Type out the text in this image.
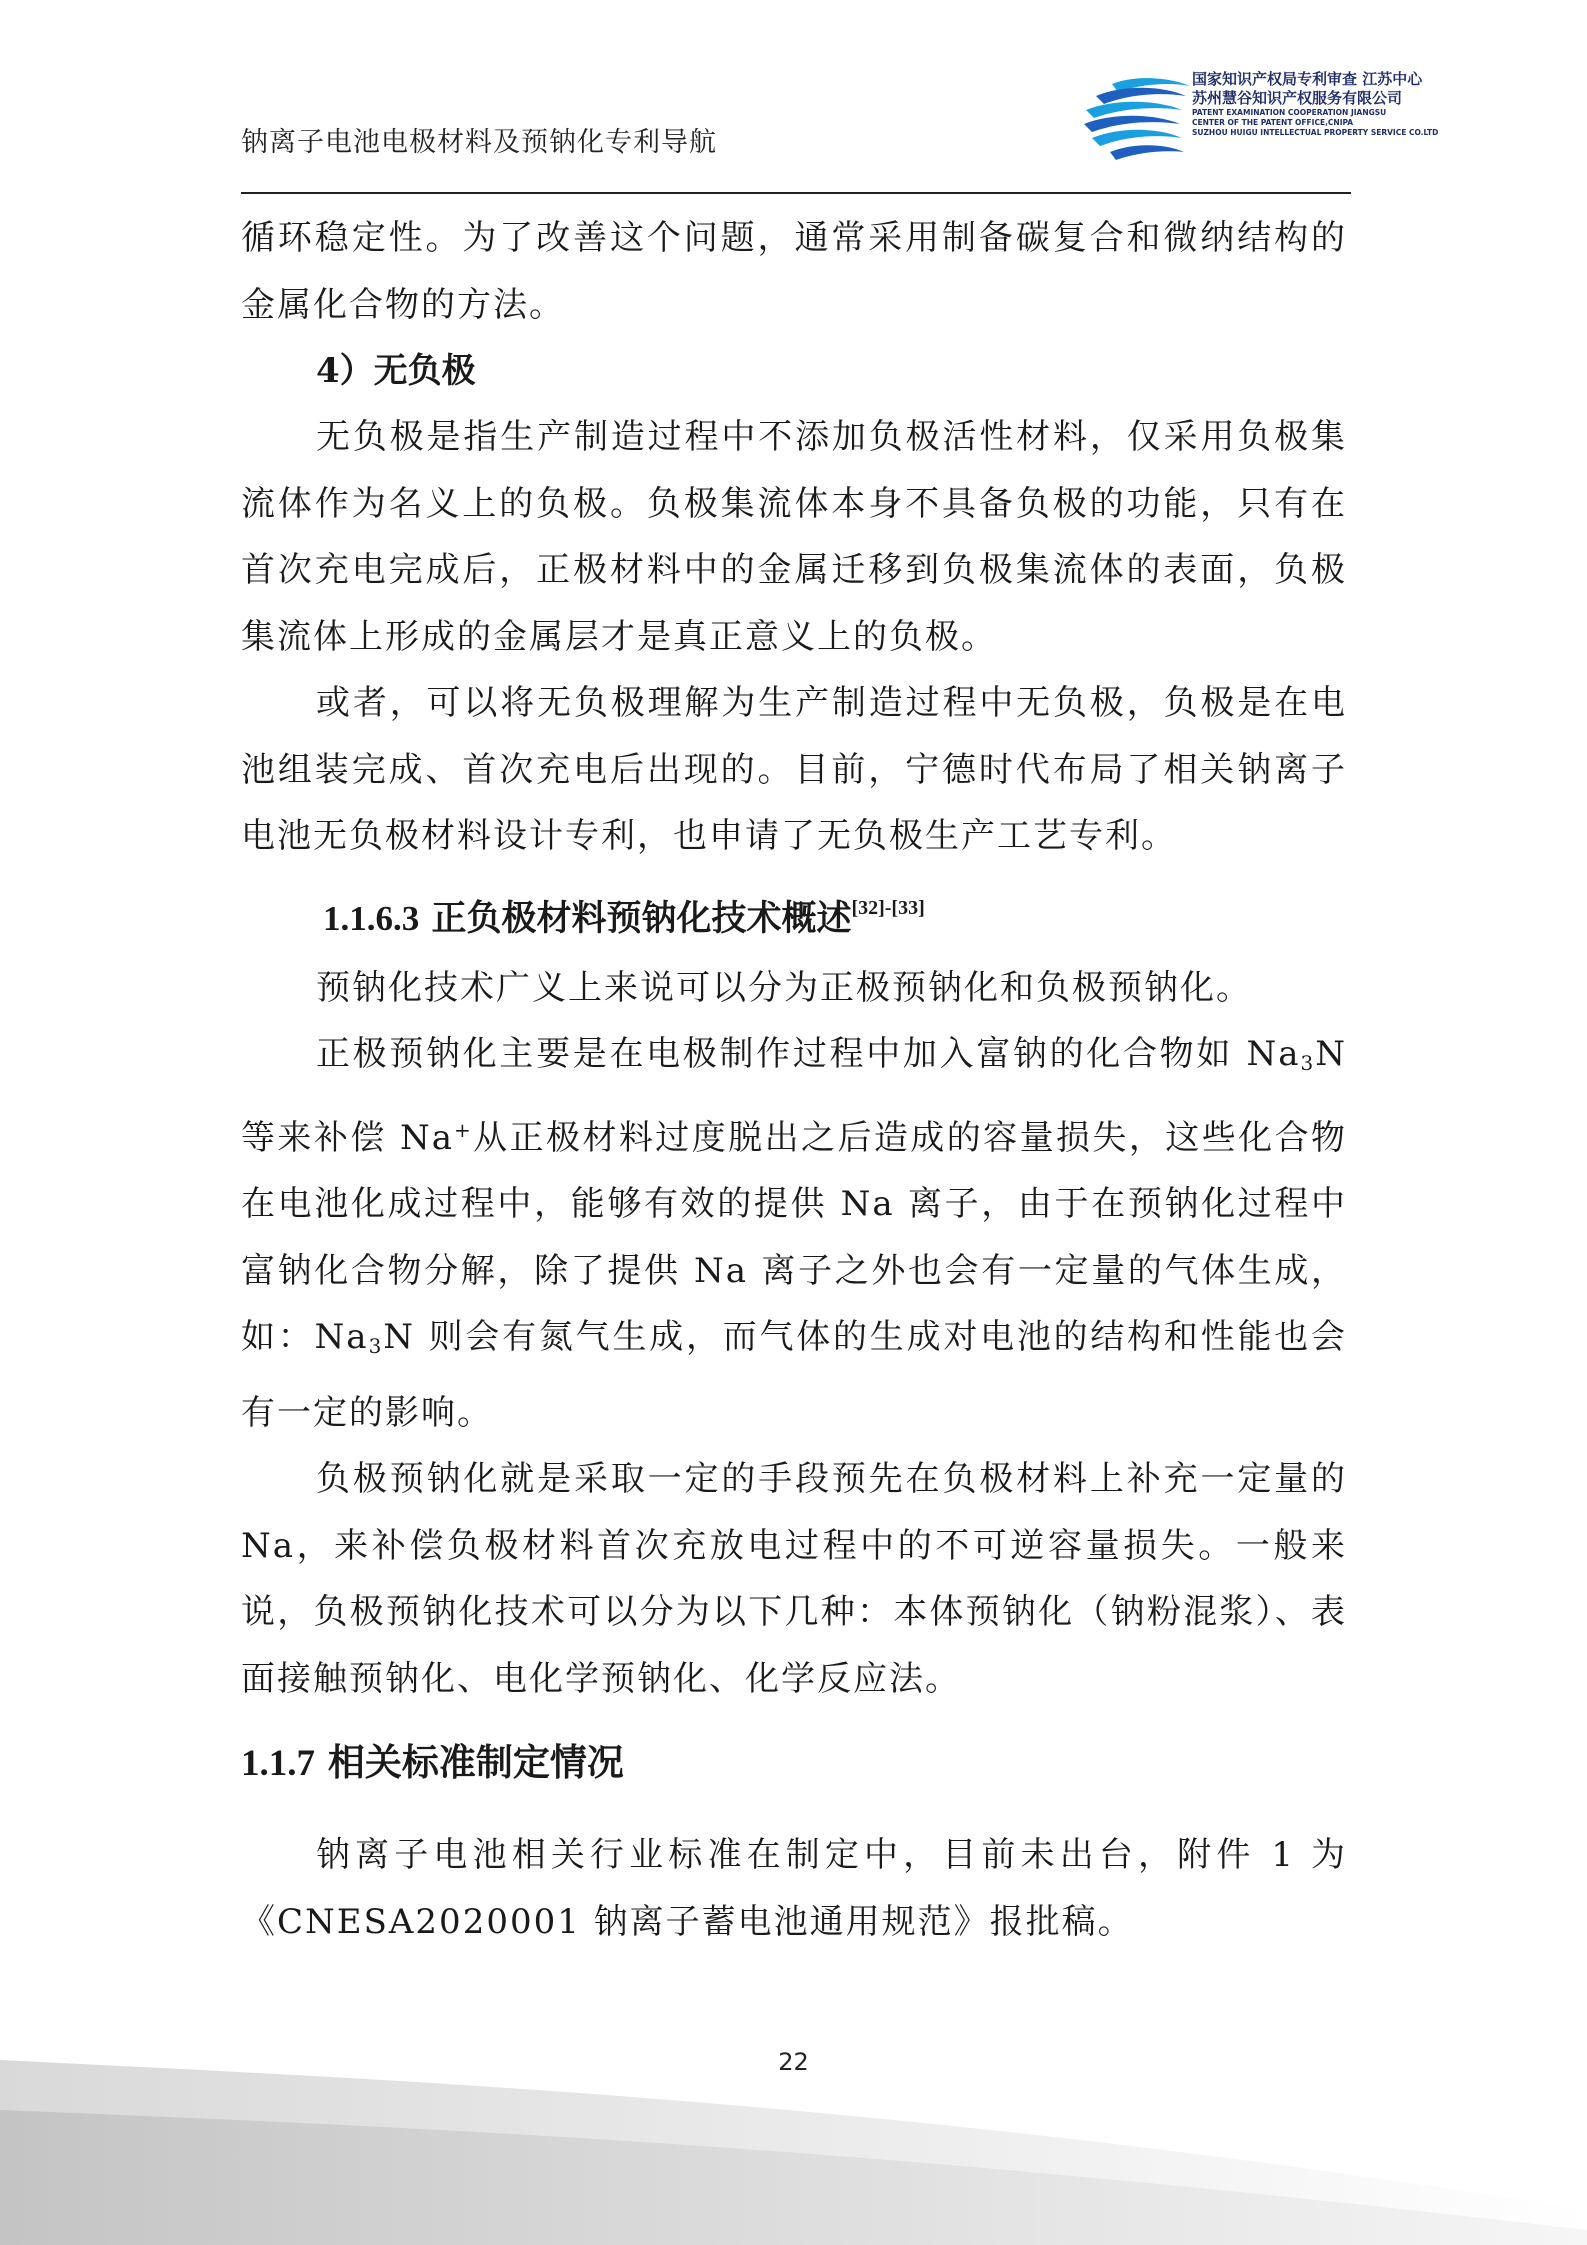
钠离子电池电极材料及预钠化专利导航
国家知识产权局专利审查 江苏中心
苏州慧谷知识产权服务有限公司
PATENT EXAMINATION COOPERATION JIANGSU
CENTER OF THE PATENT OFFICE,CNIPA
SUZHOU HUIGU INTELLECTUAL PROPERTY SERVICE CO.LTD

循环稳定性。为了改善这个问题，通常采用制备碳复合和微纳结构的金属化合物的方法。

4）无负极

无负极是指生产制造过程中不添加负极活性材料，仅采用负极集流体作为名义上的负极。负极集流体本身不具备负极的功能，只有在首次充电完成后，正极材料中的金属迁移到负极集流体的表面，负极集流体上形成的金属层才是真正意义上的负极。

或者，可以将无负极理解为生产制造过程中无负极，负极是在电池组装完成、首次充电后出现的。目前，宁德时代布局了相关钠离子电池无负极材料设计专利，也申请了无负极生产工艺专利。

1.1.6.3 正负极材料预钠化技术概述[32]-[33]

预钠化技术广义上来说可以分为正极预钠化和负极预钠化。

正极预钠化主要是在电极制作过程中加入富钠的化合物如 $Na_3N$ 等来补偿 Na+从正极材料过度脱出之后造成的容量损失，这些化合物在电池化成过程中，能够有效的提供 Na 离子，由于在预钠化过程中富钠化合物分解，除了提供 Na 离子之外也会有一定量的气体生成，如：$Na_3N$ 则会有氮气生成，而气体的生成对电池的结构和性能也会有一定的影响。

负极预钠化就是采取一定的手段预先在负极材料上补充一定量的 Na，来补偿负极材料首次充放电过程中的不可逆容量损失。一般来说，负极预钠化技术可以分为以下几种：本体预钠化（钠粉混浆）、表面接触预钠化、电化学预钠化、化学反应法。

1.1.7 相关标准制定情况

钠离子电池相关行业标准在制定中，目前未出台，附件 1 为《CNESA2020001 钠离子蓄电池通用规范》报批稿。

22
